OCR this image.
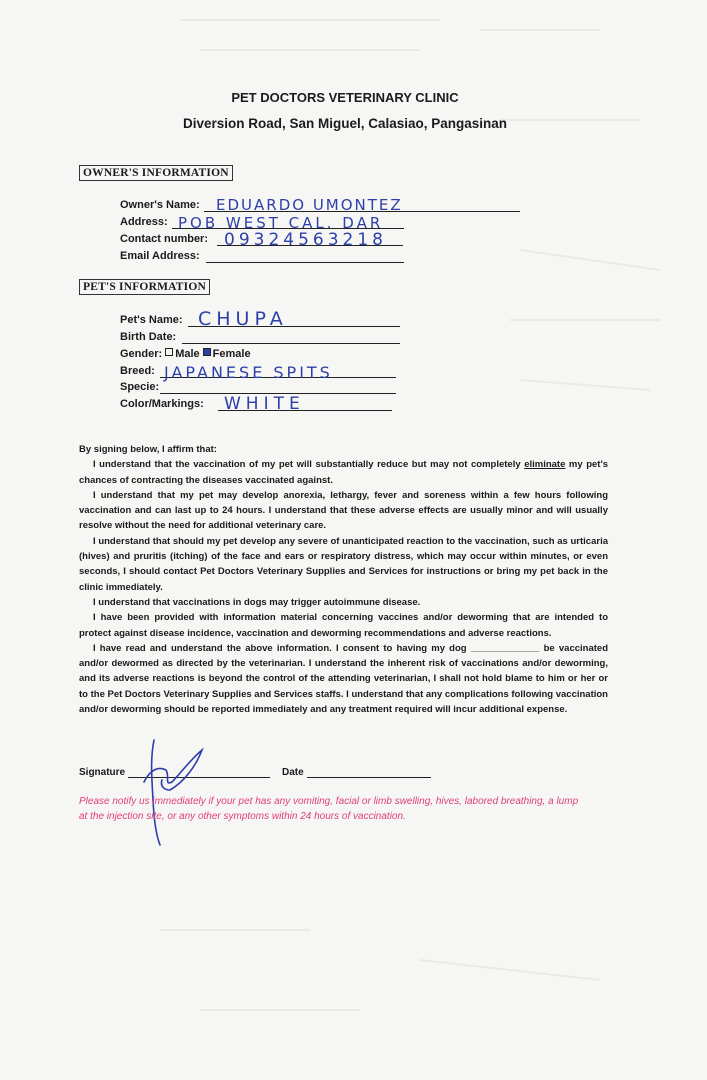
PET DOCTORS VETERINARY CLINIC
Diversion Road, San Miguel, Calasiao, Pangasinan
OWNER'S INFORMATION
Owner's Name: EDUARDO UMONTEZ
Address: POB WEST CAL. DAR
Contact number: 09324563218
Email Address:
PET'S INFORMATION
Pet's Name: CHUPA
Birth Date:
Gender: Male Female
Breed: JAPANESE SPITS
Specie:
Color/Markings: WHITE

By signing below, I affirm that:

I understand that the vaccination of my pet will substantially reduce but may not completely eliminate my pet's chances of contracting the diseases vaccinated against.

I understand that my pet may develop anorexia, lethargy, fever and soreness within a few hours following vaccination and can last up to 24 hours. I understand that these adverse effects are usually minor and will usually resolve without the need for additional veterinary care.

I understand that should my pet develop any severe of unanticipated reaction to the vaccination, such as urticaria (hives) and pruritis (itching) of the face and ears or respiratory distress, which may occur within minutes, or even seconds, I should contact Pet Doctors Veterinary Supplies and Services for instructions or bring my pet back in the clinic immediately.

I understand that vaccinations in dogs may trigger autoimmune disease.

I have been provided with information material concerning vaccines and/or deworming that are intended to protect against disease incidence, vaccination and deworming recommendations and adverse reactions.

I have read and understand the above information. I consent to having my dog _____________ be vaccinated and/or dewormed as directed by the veterinarian. I understand the inherent risk of vaccinations and/or deworming, and its adverse reactions is beyond the control of the attending veterinarian, I shall not hold blame to him or her or to the Pet Doctors Veterinary Supplies and Services staffs. I understand that any complications following vaccination and/or deworming should be reported immediately and any treatment required will incur additional expense.

Signature	Date
Please notify us immediately if your pet has any vomiting, facial or limb swelling, hives, labored breathing, a lump at the injection site, or any other symptoms within 24 hours of vaccination.
